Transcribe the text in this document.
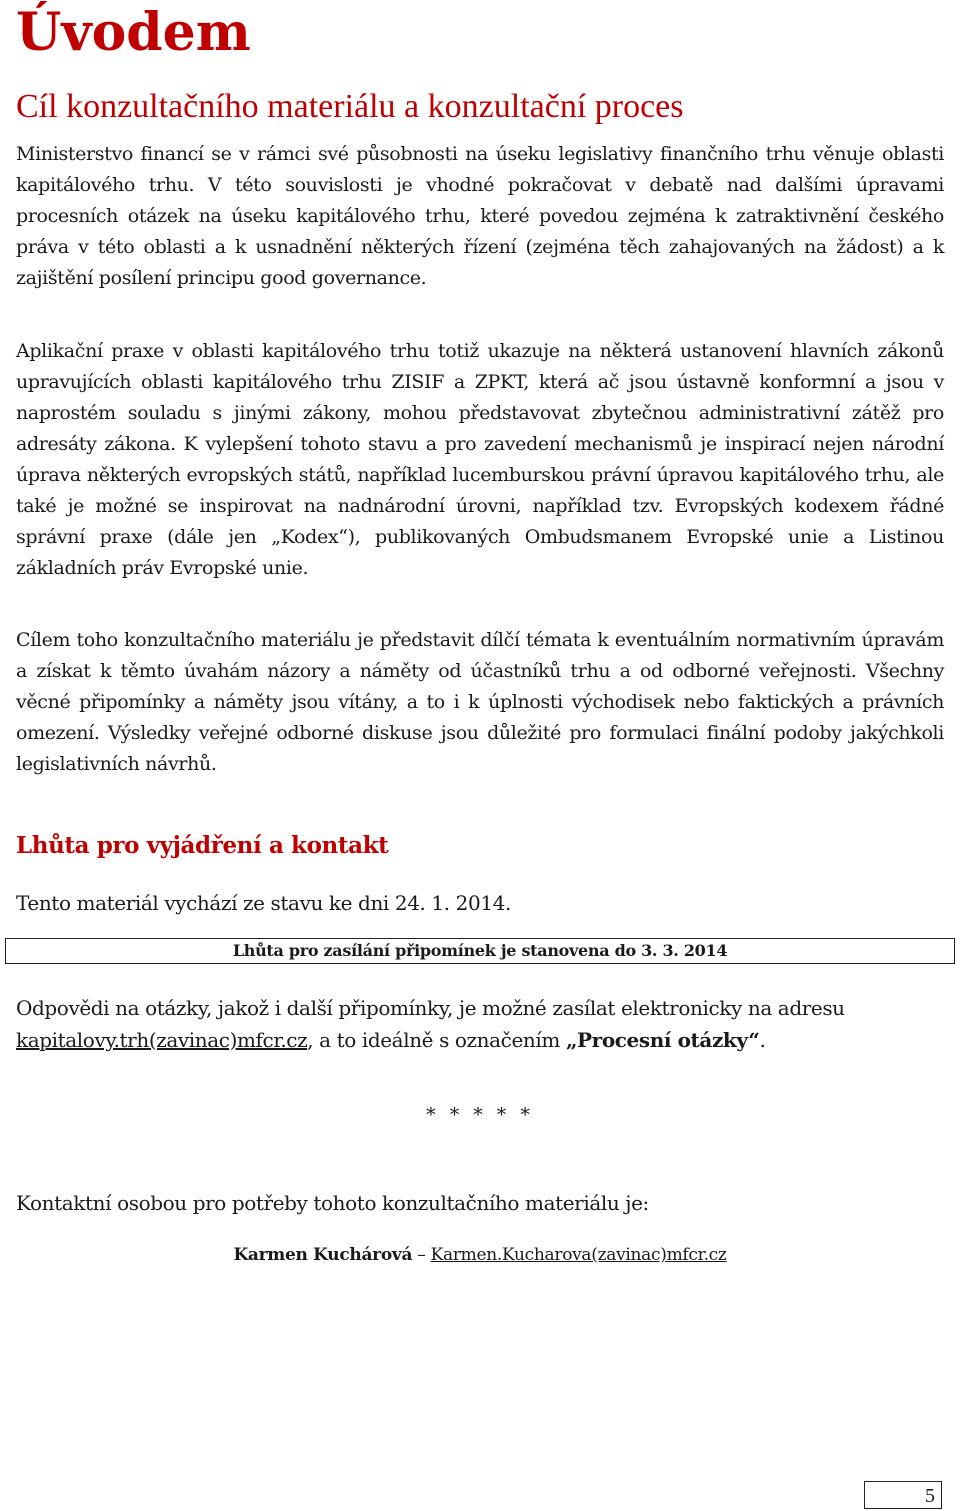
Úvodem
Cíl konzultačního materiálu a konzultační proces

Ministerstvo financí se v rámci své působnosti na úseku legislativy finančního trhu věnuje oblasti kapitálového trhu. V této souvislosti je vhodné pokračovat v debatě nad dalšími úpravami procesních otázek na úseku kapitálového trhu, které povedou zejména k zatraktivnění českého práva v této oblasti a k usnadnění některých řízení (zejména těch zahajovaných na žádost) a k zajištění posílení principu good governance.

Aplikační praxe v oblasti kapitálového trhu totiž ukazuje na některá ustanovení hlavních zákonů upravujících oblasti kapitálového trhu ZISIF a ZPKT, která ač jsou ústavně konformní a jsou v naprostém souladu s jinými zákony, mohou představovat zbytečnou administrativní zátěž pro adresáty zákona. K vylepšení tohoto stavu a pro zavedení mechanismů je inspirací nejen národní úprava některých evropských států, například lucemburskou právní úpravou kapitálového trhu, ale také je možné se inspirovat na nadnárodní úrovni, například tzv. Evropských kodexem řádné správní praxe (dále jen „Kodex“), publikovaných Ombudsmanem Evropské unie a Listinou základních práv Evropské unie.

Cílem toho konzultačního materiálu je představit dílčí témata k eventuálním normativním úpravám a získat k těmto úvahám názory a náměty od účastníků trhu a od odborné veřejnosti. Všechny věcné připomínky a náměty jsou vítány, a to i k úplnosti východisek nebo faktických a právních omezení. Výsledky veřejné odborné diskuse jsou důležité pro formulaci finální podoby jakýchkoli legislativních návrhů.

Lhůta pro vyjádření a kontakt

Tento materiál vychází ze stavu ke dni 24. 1. 2014.

Lhůta pro zasílání připomínek je stanovena do 3. 3. 2014

Odpovědi na otázky, jakož i další připomínky, je možné zasílat elektronicky na adresu kapitalovy.trh(zavinac)mfcr.cz, a to ideálně s označením „Procesní otázky“.

* * * * *

Kontaktní osobou pro potřeby tohoto konzultačního materiálu je:

Karmen Kuchárová – Karmen.Kucharova(zavinac)mfcr.cz
5
